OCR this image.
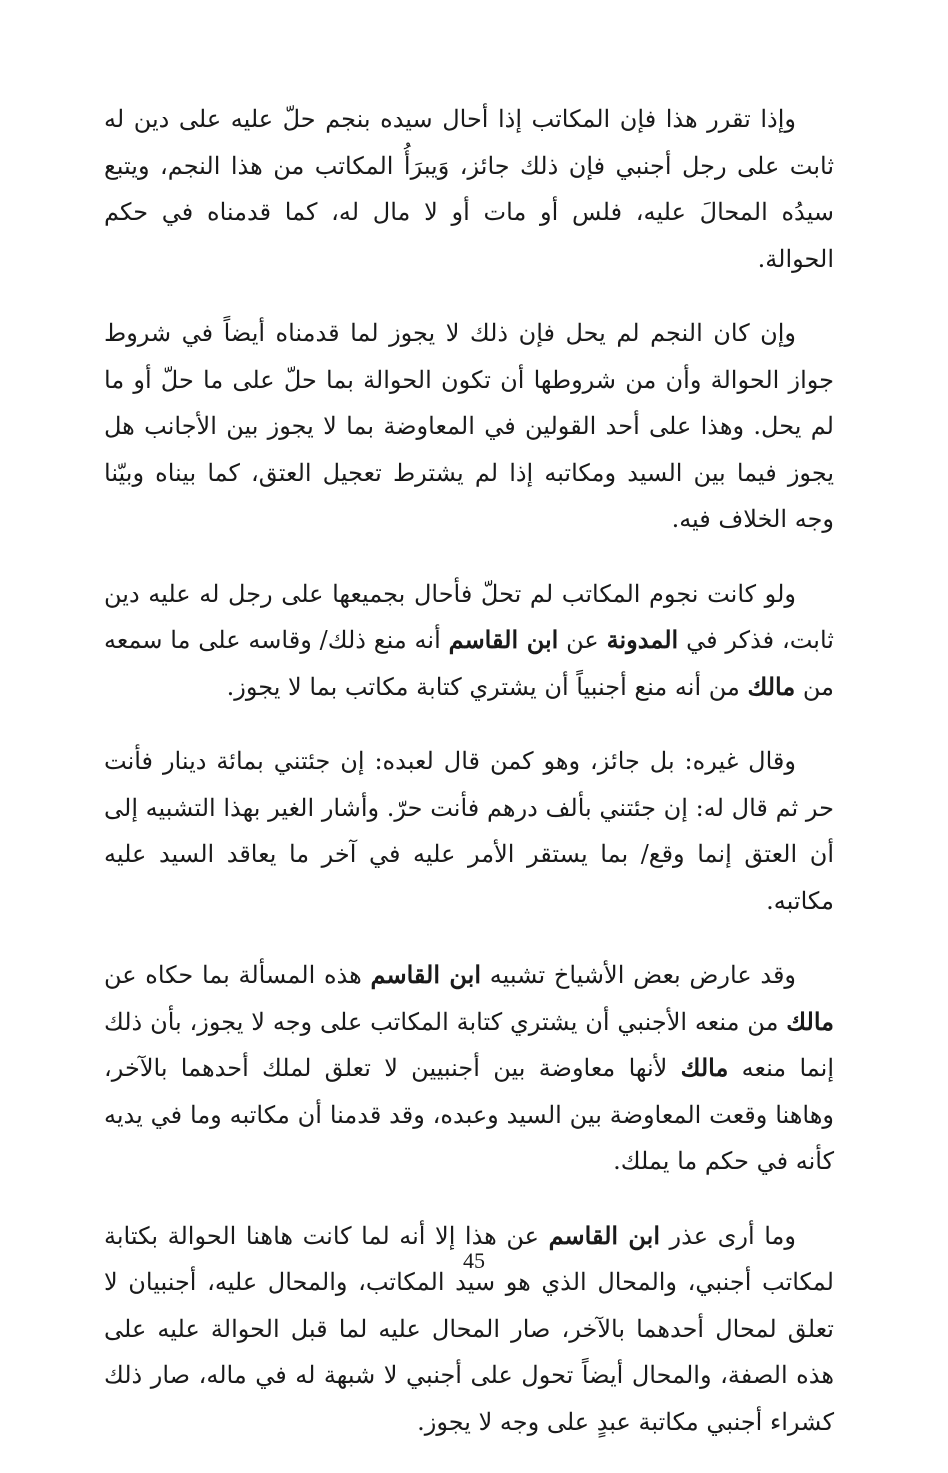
وإذا تقرر هذا فإن المكاتب إذا أحال سيده بنجم حلّ عليه على دين له ثابت على رجل أجنبي فإن ذلك جائز، وَيبرَأُ المكاتب من هذا النجم، ويتبع سيدُه المحالَ عليه، فلس أو مات أو لا مال له، كما قدمناه في حكم الحوالة.

وإن كان النجم لم يحل فإن ذلك لا يجوز لما قدمناه أيضاً في شروط جواز الحوالة وأن من شروطها أن تكون الحوالة بما حلّ على ما حلّ أو ما لم يحل. وهذا على أحد القولين في المعاوضة بما لا يجوز بين الأجانب هل يجوز فيما بين السيد ومكاتبه إذا لم يشترط تعجيل العتق، كما بيناه وبيّنا وجه الخلاف فيه.

ولو كانت نجوم المكاتب لم تحلّ فأحال بجميعها على رجل له عليه دين ثابت، فذكر في المدونة عن ابن القاسم أنه منع ذلك/ وقاسه على ما سمعه من مالك من أنه منع أجنبياً أن يشتري كتابة مكاتب بما لا يجوز.

وقال غيره: بل جائز، وهو كمن قال لعبده: إن جئتني بمائة دينار فأنت حر ثم قال له: إن جئتني بألف درهم فأنت حرّ. وأشار الغير بهذا التشبيه إلى أن العتق إنما وقع/ بما يستقر الأمر عليه في آخر ما يعاقد السيد عليه مكاتبه.

وقد عارض بعض الأشياخ تشبيه ابن القاسم هذه المسألة بما حكاه عن مالك من منعه الأجنبي أن يشتري كتابة المكاتب على وجه لا يجوز، بأن ذلك إنما منعه مالك لأنها معاوضة بين أجنبيين لا تعلق لملك أحدهما بالآخر، وهاهنا وقعت المعاوضة بين السيد وعبده، وقد قدمنا أن مكاتبه وما في يديه كأنه في حكم ما يملك.

وما أرى عذر ابن القاسم عن هذا إلا أنه لما كانت هاهنا الحوالة بكتابة لمكاتب أجنبي، والمحال الذي هو سيد المكاتب، والمحال عليه، أجنبيان لا تعلق لمحال أحدهما بالآخر، صار المحال عليه لما قبل الحوالة عليه على هذه الصفة، والمحال أيضاً تحول على أجنبي لا شبهة له في ماله، صار ذلك كشراء أجنبي مكاتبة عبدٍ على وجه لا يجوز.

45
